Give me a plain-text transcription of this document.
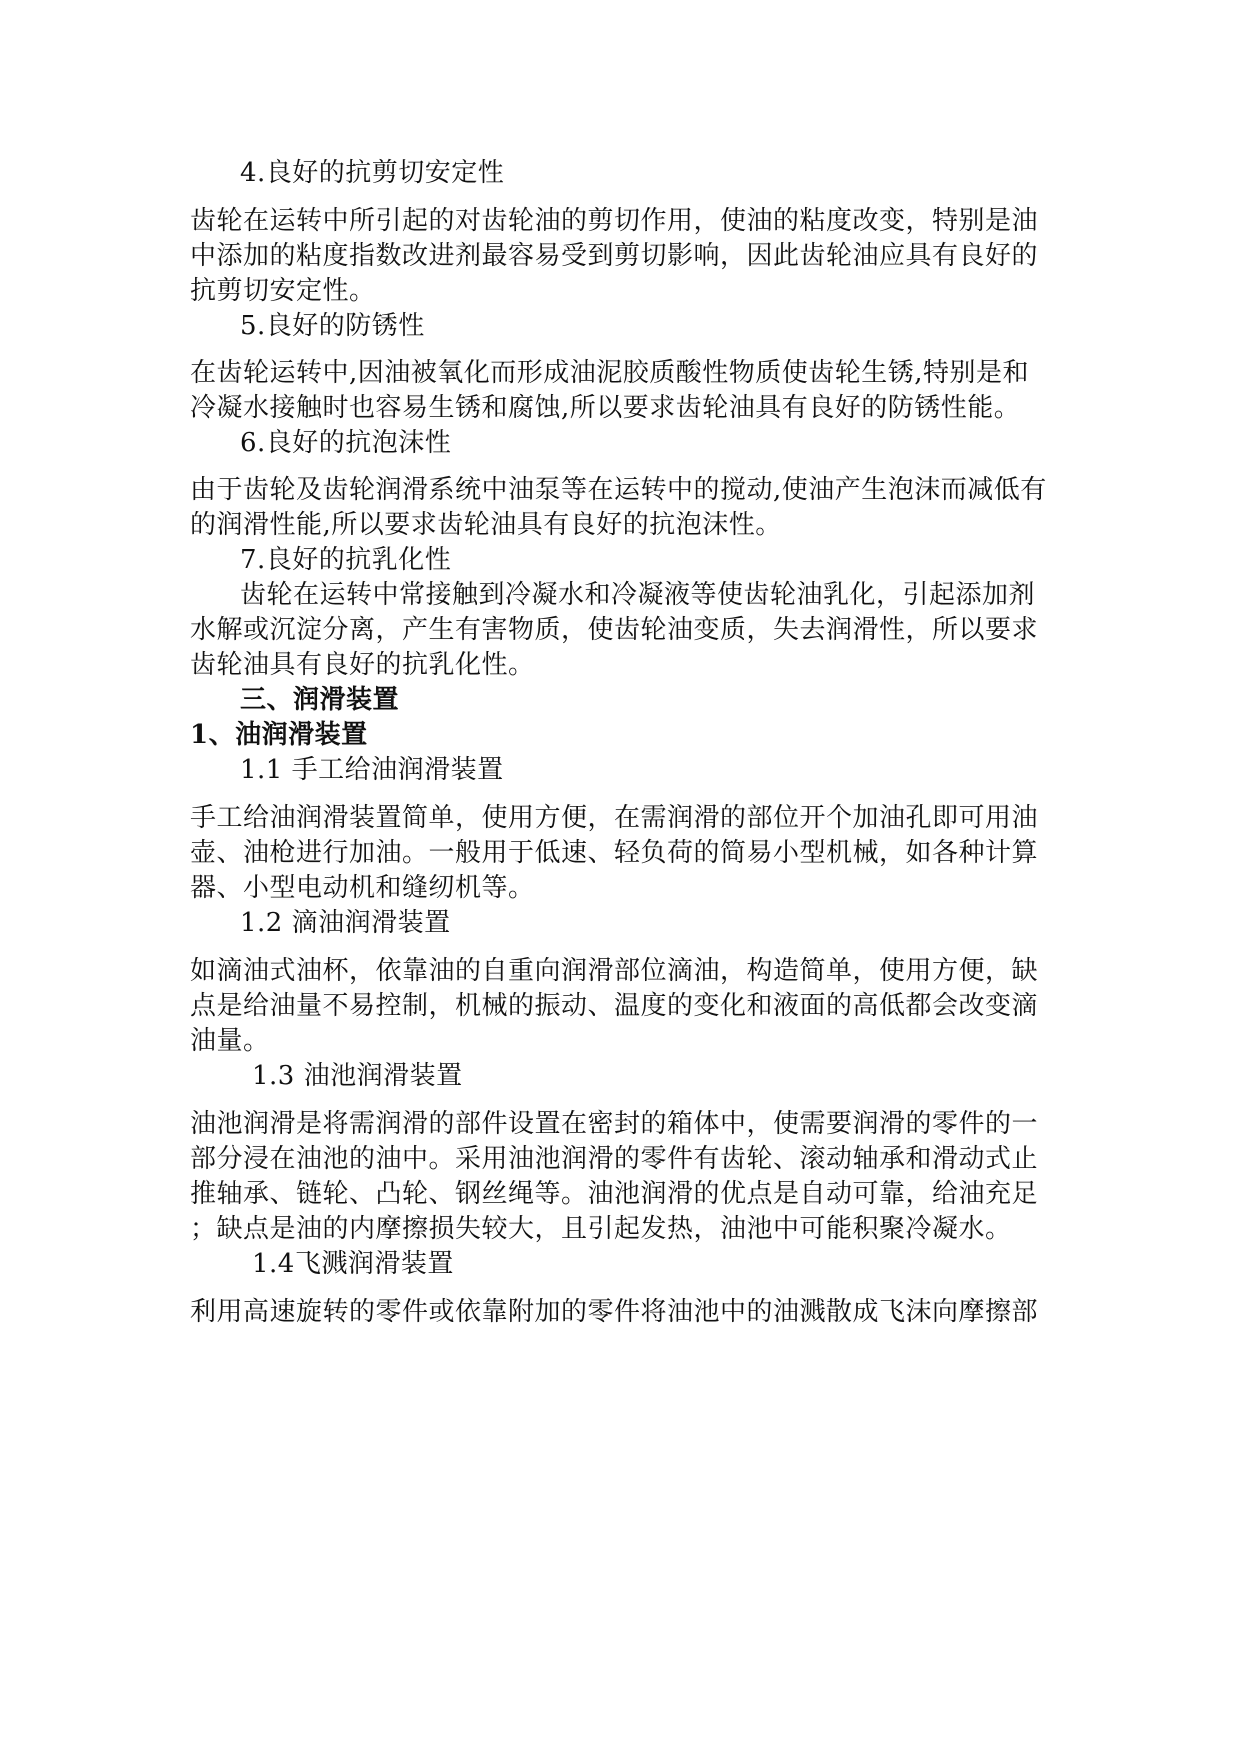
4.良好的抗剪切安定性
齿轮在运转中所引起的对齿轮油的剪切作用，使油的粘度改变，特别是油
中添加的粘度指数改进剂最容易受到剪切影响，因此齿轮油应具有良好的
抗剪切安定性。
5.良好的防锈性
在齿轮运转中,因油被氧化而形成油泥胶质酸性物质使齿轮生锈,特别是和
冷凝水接触时也容易生锈和腐蚀,所以要求齿轮油具有良好的防锈性能。
6.良好的抗泡沫性
由于齿轮及齿轮润滑系统中油泵等在运转中的搅动,使油产生泡沫而减低有
的润滑性能,所以要求齿轮油具有良好的抗泡沫性。
7.良好的抗乳化性
齿轮在运转中常接触到冷凝水和冷凝液等使齿轮油乳化，引起添加剂
水解或沉淀分离，产生有害物质，使齿轮油变质，失去润滑性，所以要求
齿轮油具有良好的抗乳化性。
三、润滑装置
1、油润滑装置
1.1 手工给油润滑装置
手工给油润滑装置简单，使用方便，在需润滑的部位开个加油孔即可用油
壶、油枪进行加油。一般用于低速、轻负荷的简易小型机械，如各种计算
器、小型电动机和缝纫机等。
1.2 滴油润滑装置
如滴油式油杯，依靠油的自重向润滑部位滴油，构造简单，使用方便，缺
点是给油量不易控制，机械的振动、温度的变化和液面的高低都会改变滴
油量。
1.3 油池润滑装置
油池润滑是将需润滑的部件设置在密封的箱体中，使需要润滑的零件的一
部分浸在油池的油中。采用油池润滑的零件有齿轮、滚动轴承和滑动式止
推轴承、链轮、凸轮、钢丝绳等。油池润滑的优点是自动可靠，给油充足
；缺点是油的内摩擦损失较大，且引起发热，油池中可能积聚冷凝水。
1.4飞溅润滑装置
利用高速旋转的零件或依靠附加的零件将油池中的油溅散成飞沫向摩擦部
